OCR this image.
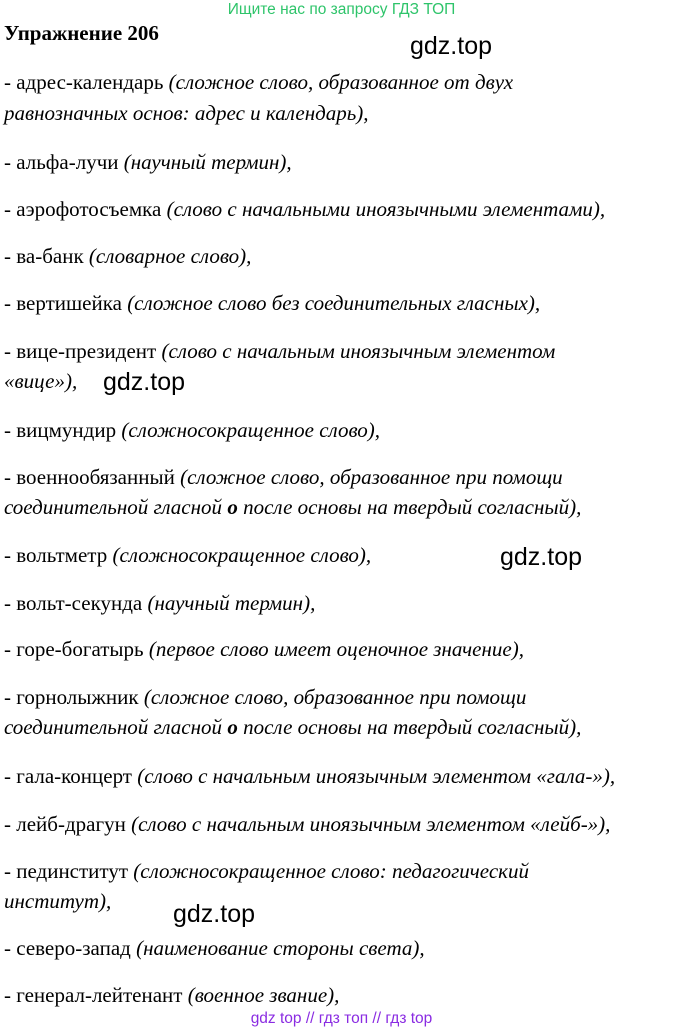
Ищите нас по запросу ГДЗ ТОП
Упражнение 206	gdz.top
gdz.top
gdz.top
gdz.top
- адрес-календарь (сложное слово, образованное от двух
равнозначных основ: адрес и календарь),
- альфа-лучи (научный термин),
- аэрофотосъемка (слово с начальными иноязычными элементами),
- ва-банк (словарное слово),
- вертишейка (сложное слово без соединительных гласных),
- вице-президент (слово с начальным иноязычным элементом
«вице»),
- вицмундир (сложносокращенное слово),
- военнообязанный (сложное слово, образованное при помощи
соединительной гласной о после основы на твердый согласный),
- вольтметр (сложносокращенное слово),
- вольт-секунда (научный термин),
- горе-богатырь (первое слово имеет оценочное значение),
- горнолыжник (сложное слово, образованное при помощи
соединительной гласной о после основы на твердый согласный),
- гала-концерт (слово с начальным иноязычным элементом «гала-»),
- лейб-драгун (слово с начальным иноязычным элементом «лейб-»),
- пединститут (сложносокращенное слово: педагогический
институт),
- северо-запад (наименование стороны света),
- генерал-лейтенант (военное звание),
gdz top // гдз топ // гдз top
